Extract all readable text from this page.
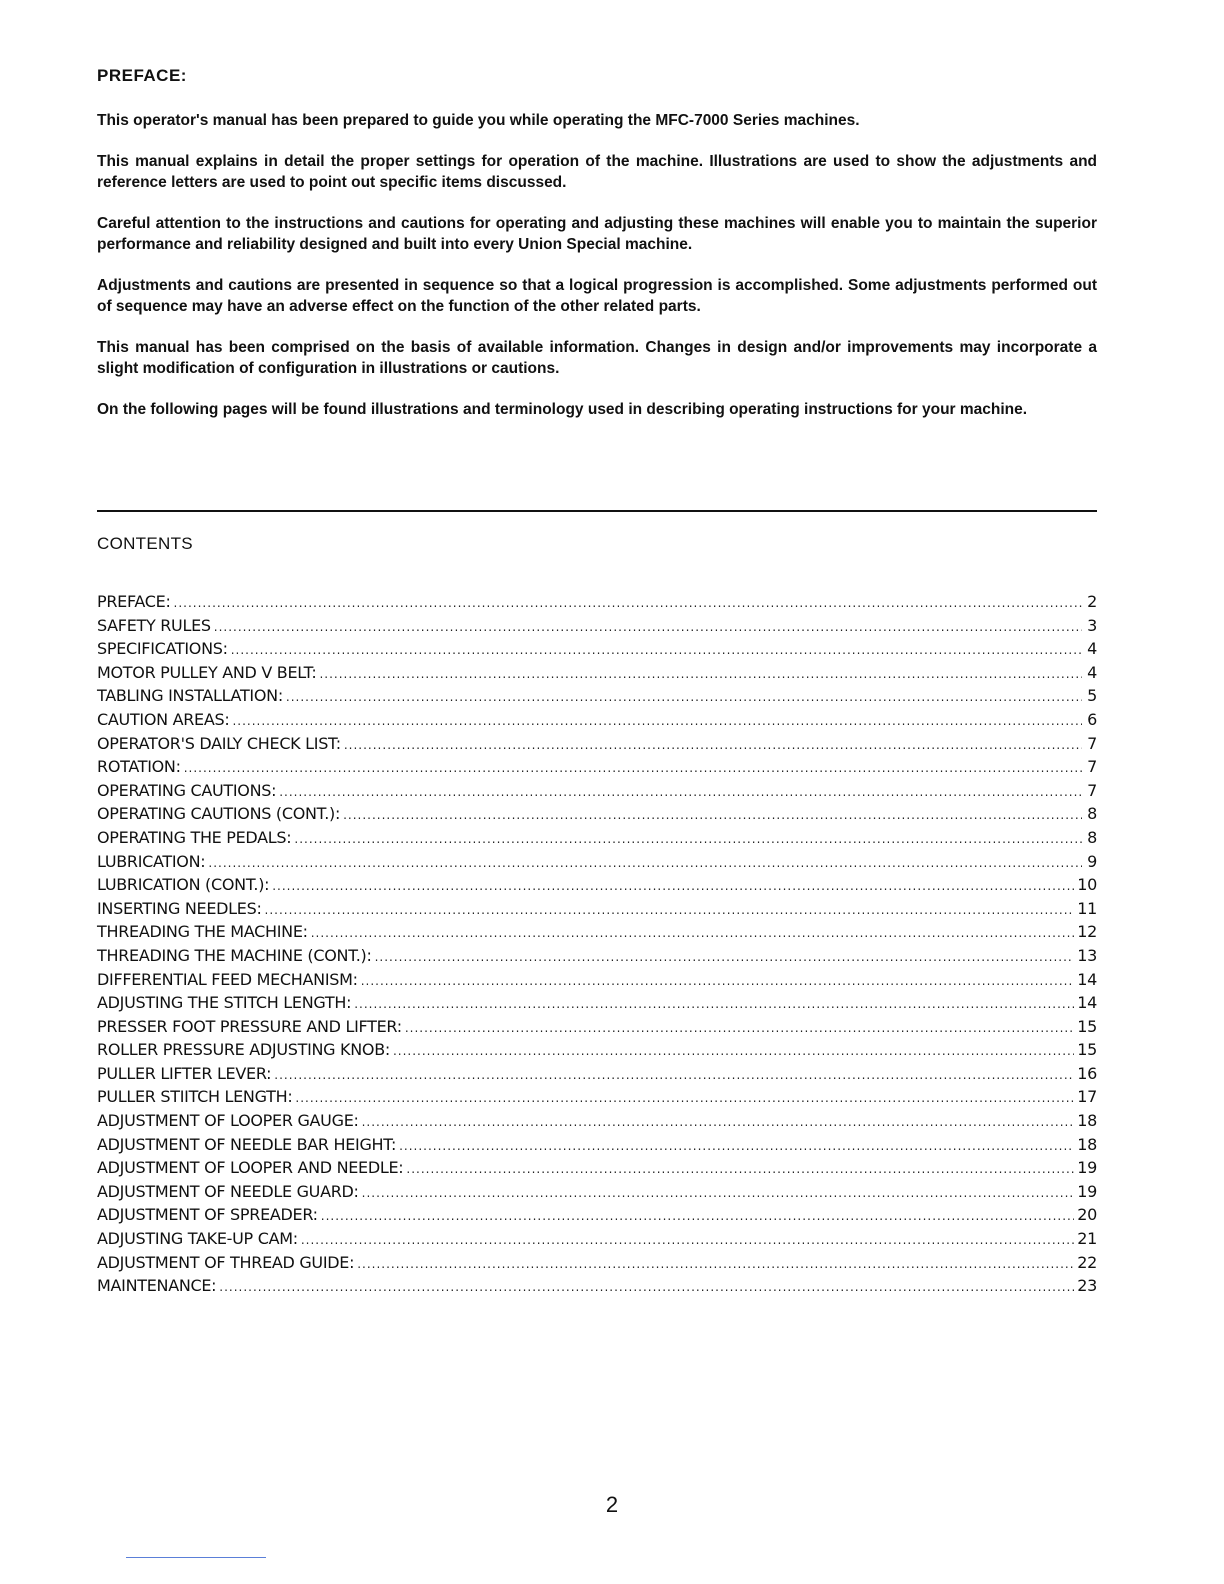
PREFACE:

This operator's manual has been prepared to guide you while operating the MFC-7000 Series machines.

This manual explains in detail the proper settings for operation of the machine. Illustrations are used to show the adjustments and reference letters are used to point out specific items discussed.

Careful attention to the instructions and cautions for operating and adjusting these machines will enable you to maintain the superior performance and reliability designed and built into every Union Special machine.

Adjustments and cautions are presented in sequence so that a logical progression is accomplished. Some adjustments performed out of sequence may have an adverse effect on the function of the other related parts.

This manual has been comprised on the basis of available information. Changes in design and/or improvements may incorporate a slight modification of configuration in illustrations or cautions.

On the following pages will be found illustrations and terminology used in describing operating instructions for your machine.

CONTENTS
PREFACE: .....	2
SAFETY RULES .....	3
SPECIFICATIONS: .....	4
MOTOR PULLEY AND V BELT: .....	4
TABLING INSTALLATION: .....	5
CAUTION AREAS: .....	6
OPERATOR'S DAILY CHECK LIST: .....	7
ROTATION: .....	7
OPERATING CAUTIONS: .....	7
OPERATING CAUTIONS (CONT.): .....	8
OPERATING THE PEDALS: .....	8
LUBRICATION: .....	9
LUBRICATION (CONT.): .....	10
INSERTING NEEDLES: .....	11
THREADING THE MACHINE: .....	12
THREADING THE MACHINE (CONT.): .....	13
DIFFERENTIAL FEED MECHANISM: .....	14
ADJUSTING THE STITCH LENGTH: .....	14
PRESSER FOOT PRESSURE AND LIFTER: .....	15
ROLLER PRESSURE ADJUSTING KNOB: .....	15
PULLER LIFTER LEVER: .....	16
PULLER STIITCH LENGTH: .....	17
ADJUSTMENT OF LOOPER GAUGE: .....	18
ADJUSTMENT OF NEEDLE BAR HEIGHT: .....	18
ADJUSTMENT OF LOOPER AND NEEDLE: .....	19
ADJUSTMENT OF NEEDLE GUARD: .....	19
ADJUSTMENT OF SPREADER: .....	20
ADJUSTING TAKE-UP CAM: .....	21
ADJUSTMENT OF THREAD GUIDE: .....	22
MAINTENANCE: .....	23
2
